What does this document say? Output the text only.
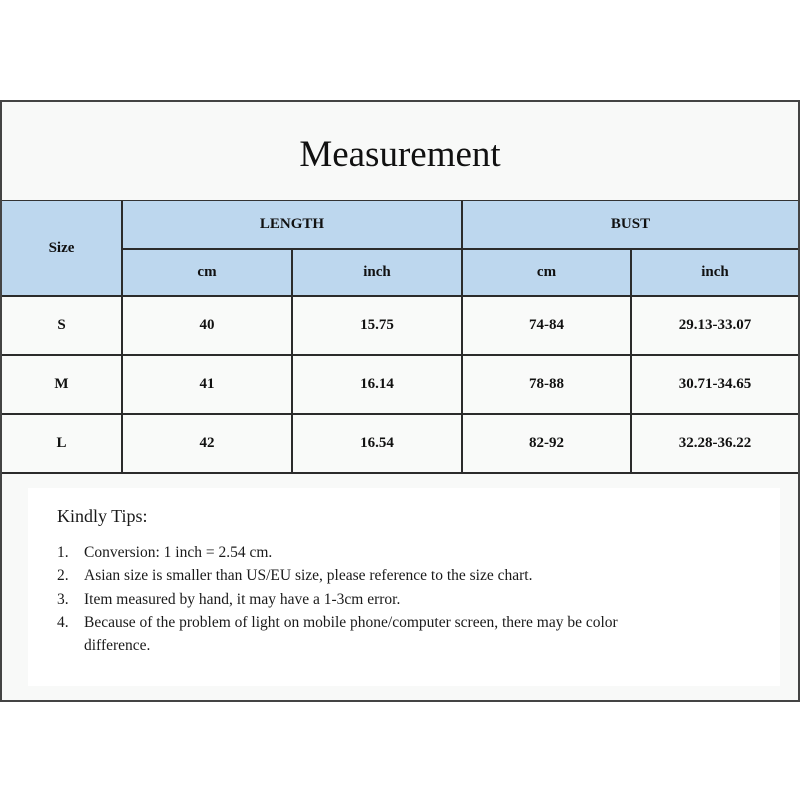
Measurement
Size	LENGTH		BUST	
	cm	inch	cm	inch
S	40	15.75	74-84	29.13-33.07
M	41	16.14	78-88	30.71-34.65
L	42	16.54	82-92	32.28-36.22
Kindly Tips:
1. Conversion: 1 inch = 2.54 cm.
2. Asian size is smaller than US/EU size, please reference to the size chart.
3. Item measured by hand, it may have a 1-3cm error.
4. Because of the problem of light on mobile phone/computer screen, there may be color difference.
